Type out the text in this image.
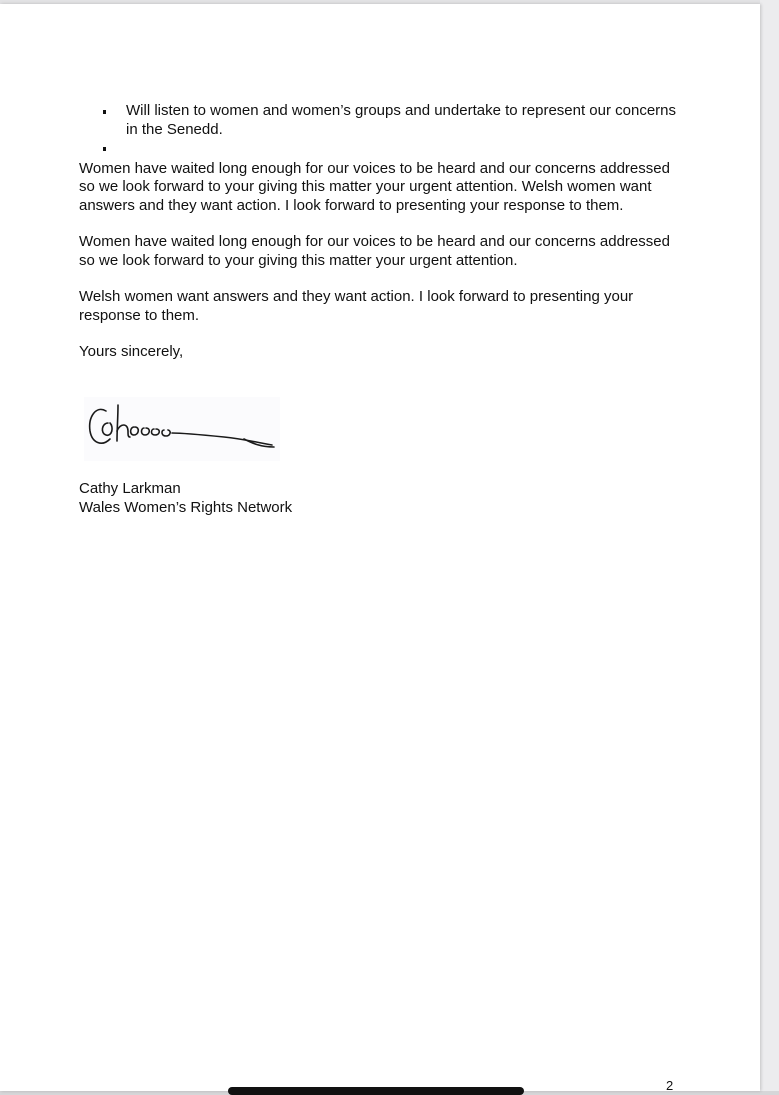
Will listen to women and women’s groups and undertake to represent our concerns in the Senedd.

Women have waited long enough for our voices to be heard and our concerns addressed so we look forward to your giving this matter your urgent attention. Welsh women want answers and they want action. I look forward to presenting your response to them.

Women have waited long enough for our voices to be heard and our concerns addressed so we look forward to your giving this matter your urgent attention.

Welsh women want answers and they want action. I look forward to presenting your response to them.

Yours sincerely,

Cathy Larkman
Wales Women’s Rights Network
2
